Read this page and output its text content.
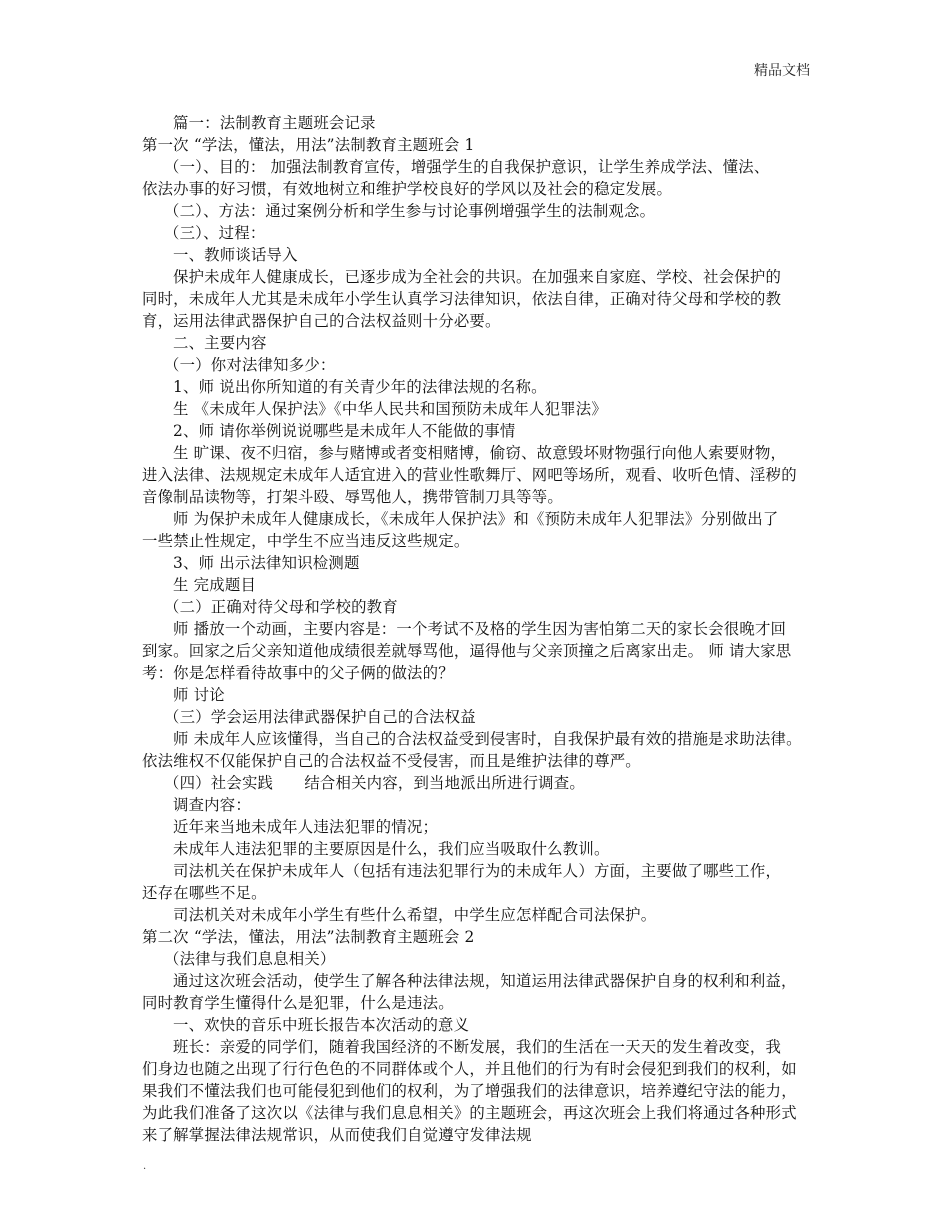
精品文档

篇一：法制教育主题班会记录

第一次 “学法，懂法，用法”法制教育主题班会 1

（一）、目的： 加强法制教育宣传，增强学生的自我保护意识，让学生养成学法、懂法、

依法办事的好习惯，有效地树立和维护学校良好的学风以及社会的稳定发展。

（二）、方法：通过案例分析和学生参与讨论事例增强学生的法制观念。

（三）、过程：

一、教师谈话导入

保护未成年人健康成长，已逐步成为全社会的共识。在加强来自家庭、学校、社会保护的

同时，未成年人尤其是未成年小学生认真学习法律知识，依法自律，正确对待父母和学校的教育，运用法律武器保护自己的合法权益则十分必要。

二、主要内容

（一）你对法律知多少：

1、师 说出你所知道的有关青少年的法律法规的名称。

生 《未成年人保护法》《中华人民共和国预防未成年人犯罪法》

2、师 请你举例说说哪些是未成年人不能做的事情

生 旷课、夜不归宿，参与赌博或者变相赌博，偷窃、故意毁坏财物强行向他人索要财物，

进入法律、法规规定未成年人适宜进入的营业性歌舞厅、网吧等场所，观看、收听色情、淫秽的音像制品读物等，打架斗殴、辱骂他人，携带管制刀具等等。

师 为保护未成年人健康成长，《未成年人保护法》和《预防未成年人犯罪法》分别做出了

一些禁止性规定，中学生不应当违反这些规定。

3、师 出示法律知识检测题

生 完成题目

（二）正确对待父母和学校的教育

师 播放一个动画，主要内容是：一个考试不及格的学生因为害怕第二天的家长会很晚才回

到家。回家之后父亲知道他成绩很差就辱骂他，逼得他与父亲顶撞之后离家出走。 师 请大家思考：你是怎样看待故事中的父子俩的做法的？

师 讨论

（三）学会运用法律武器保护自己的合法权益

师 未成年人应该懂得，当自己的合法权益受到侵害时，自我保护最有效的措施是求助法律。

依法维权不仅能保护自己的合法权益不受侵害，而且是维护法律的尊严。

（四）社会实践　　结合相关内容，到当地派出所进行调查。

调查内容：

近年来当地未成年人违法犯罪的情况；

未成年人违法犯罪的主要原因是什么，我们应当吸取什么教训。

司法机关在保护未成年人（包括有违法犯罪行为的未成年人）方面，主要做了哪些工作，

还存在哪些不足。

司法机关对未成年小学生有些什么希望，中学生应怎样配合司法保护。

第二次 “学法，懂法，用法”法制教育主题班会 2

（法律与我们息息相关）

通过这次班会活动，使学生了解各种法律法规，知道运用法律武器保护自身的权利和利益，

同时教育学生懂得什么是犯罪，什么是违法。

一、欢快的音乐中班长报告本次活动的意义

班长：亲爱的同学们，随着我国经济的不断发展，我们的生活在一天天的发生着改变，我

们身边也随之出现了行行色色的不同群体或个人，并且他们的行为有时会侵犯到我们的权利，如果我们不懂法我们也可能侵犯到他们的权利，为了增强我们的法律意识，培养遵纪守法的能力，为此我们准备了这次以《法律与我们息息相关》的主题班会，再这次班会上我们将通过各种形式来了解掌握法律法规常识，从而使我们自觉遵守发律法规

.
